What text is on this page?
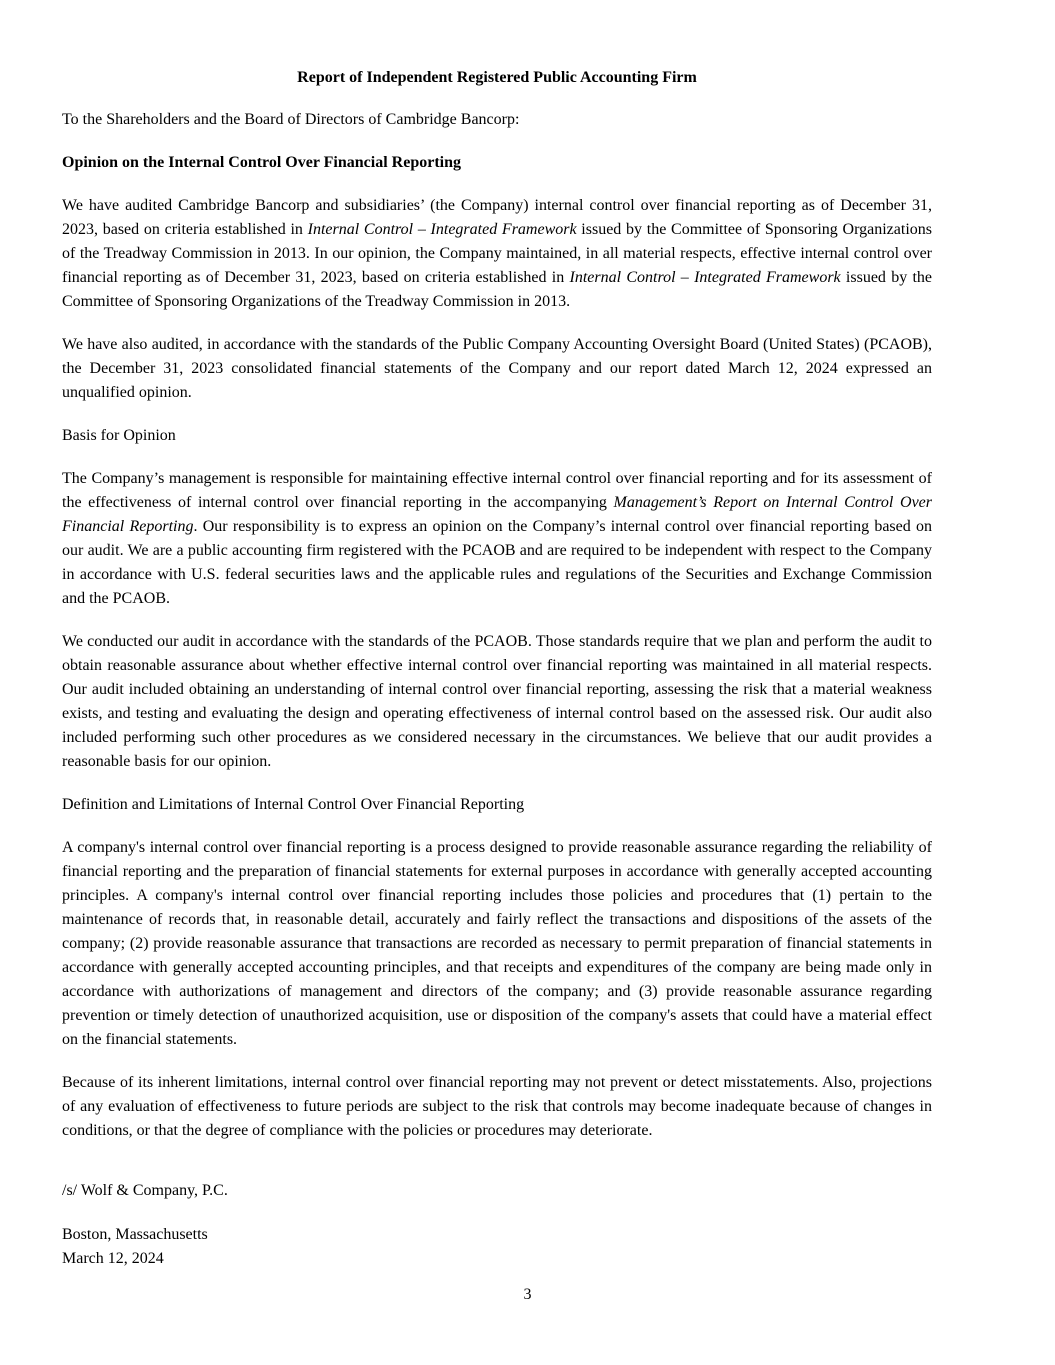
Report of Independent Registered Public Accounting Firm
To the Shareholders and the Board of Directors of Cambridge Bancorp:
Opinion on the Internal Control Over Financial Reporting

We have audited Cambridge Bancorp and subsidiaries’ (the Company) internal control over financial reporting as of December 31, 2023, based on criteria established in Internal Control – Integrated Framework issued by the Committee of Sponsoring Organizations of the Treadway Commission in 2013. In our opinion, the Company maintained, in all material respects, effective internal control over financial reporting as of December 31, 2023, based on criteria established in Internal Control – Integrated Framework issued by the Committee of Sponsoring Organizations of the Treadway Commission in 2013.

We have also audited, in accordance with the standards of the Public Company Accounting Oversight Board (United States) (PCAOB), the December 31, 2023 consolidated financial statements of the Company and our report dated March 12, 2024 expressed an unqualified opinion.

Basis for Opinion

The Company’s management is responsible for maintaining effective internal control over financial reporting and for its assessment of the effectiveness of internal control over financial reporting in the accompanying Management’s Report on Internal Control Over Financial Reporting. Our responsibility is to express an opinion on the Company’s internal control over financial reporting based on our audit. We are a public accounting firm registered with the PCAOB and are required to be independent with respect to the Company in accordance with U.S. federal securities laws and the applicable rules and regulations of the Securities and Exchange Commission and the PCAOB.

We conducted our audit in accordance with the standards of the PCAOB. Those standards require that we plan and perform the audit to obtain reasonable assurance about whether effective internal control over financial reporting was maintained in all material respects. Our audit included obtaining an understanding of internal control over financial reporting, assessing the risk that a material weakness exists, and testing and evaluating the design and operating effectiveness of internal control based on the assessed risk. Our audit also included performing such other procedures as we considered necessary in the circumstances. We believe that our audit provides a reasonable basis for our opinion.

Definition and Limitations of Internal Control Over Financial Reporting

A company's internal control over financial reporting is a process designed to provide reasonable assurance regarding the reliability of financial reporting and the preparation of financial statements for external purposes in accordance with generally accepted accounting principles. A company's internal control over financial reporting includes those policies and procedures that (1) pertain to the maintenance of records that, in reasonable detail, accurately and fairly reflect the transactions and dispositions of the assets of the company; (2) provide reasonable assurance that transactions are recorded as necessary to permit preparation of financial statements in accordance with generally accepted accounting principles, and that receipts and expenditures of the company are being made only in accordance with authorizations of management and directors of the company; and (3) provide reasonable assurance regarding prevention or timely detection of unauthorized acquisition, use or disposition of the company's assets that could have a material effect on the financial statements.

Because of its inherent limitations, internal control over financial reporting may not prevent or detect misstatements. Also, projections of any evaluation of effectiveness to future periods are subject to the risk that controls may become inadequate because of changes in conditions, or that the degree of compliance with the policies or procedures may deteriorate.

/s/ Wolf & Company, P.C.
Boston, Massachusetts
March 12, 2024
3
